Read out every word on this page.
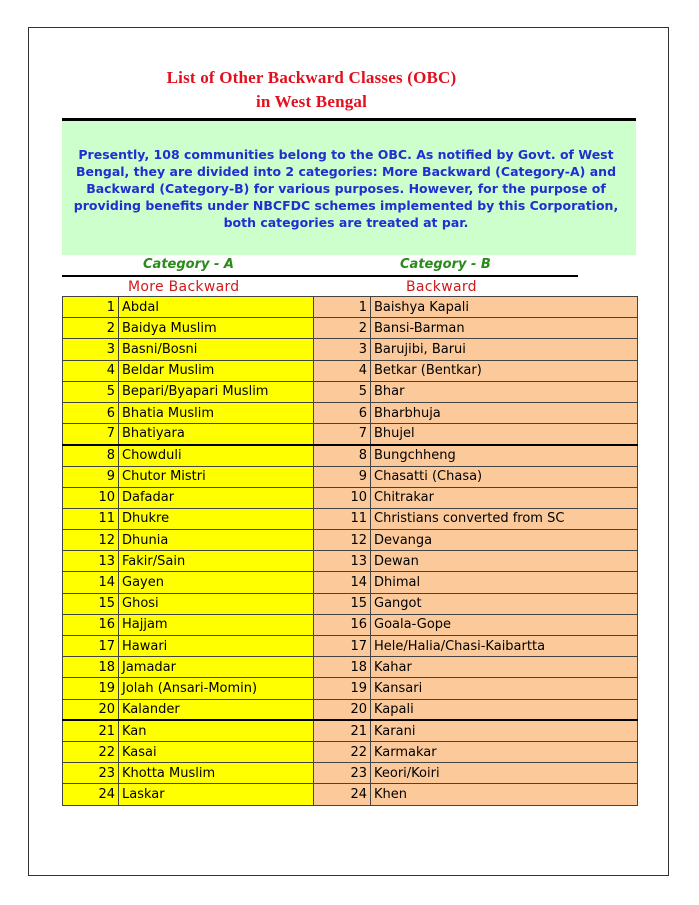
List of Other Backward Classes (OBC)
in West Bengal
Presently, 108 communities belong to the OBC. As notified by Govt. of West Bengal, they are divided into 2 categories: More Backward (Category-A) and Backward (Category-B) for various purposes. However, for the purpose of providing benefits under NBCFDC schemes implemented by this Corporation, both categories are treated at par.
Category - A	Category - B
More Backward	Backward
1	Abdal	1	Baishya Kapali
2	Baidya Muslim	2	Bansi-Barman
3	Basni/Bosni	3	Barujibi, Barui
4	Beldar Muslim	4	Betkar (Bentkar)
5	Bepari/Byapari Muslim	5	Bhar
6	Bhatia Muslim	6	Bharbhuja
7	Bhatiyara	7	Bhujel
8	Chowduli	8	Bungchheng
9	Chutor Mistri	9	Chasatti (Chasa)
10	Dafadar	10	Chitrakar
11	Dhukre	11	Christians converted from SC
12	Dhunia	12	Devanga
13	Fakir/Sain	13	Dewan
14	Gayen	14	Dhimal
15	Ghosi	15	Gangot
16	Hajjam	16	Goala-Gope
17	Hawari	17	Hele/Halia/Chasi-Kaibartta
18	Jamadar	18	Kahar
19	Jolah (Ansari-Momin)	19	Kansari
20	Kalander	20	Kapali
21	Kan	21	Karani
22	Kasai	22	Karmakar
23	Khotta Muslim	23	Keori/Koiri
24	Laskar	24	Khen
